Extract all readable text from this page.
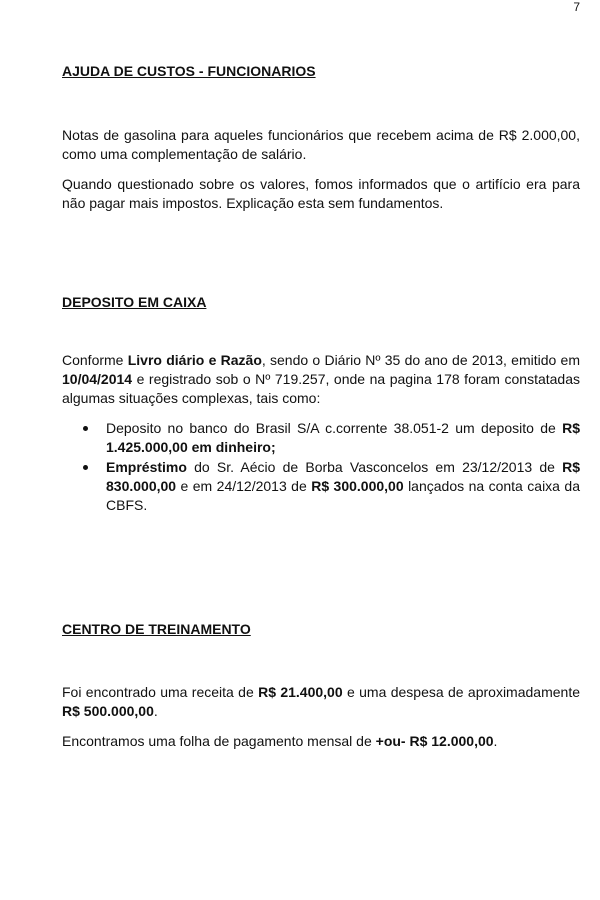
7

AJUDA DE CUSTOS - FUNCIONARIOS

Notas de gasolina para aqueles funcionários que recebem acima de R$ 2.000,00, como uma complementação de salário.

Quando questionado sobre os valores, fomos informados que o artifício era para não pagar mais impostos. Explicação esta sem fundamentos.

DEPOSITO EM CAIXA

Conforme Livro diário e Razão, sendo o Diário Nº 35 do ano de 2013, emitido em 10/04/2014 e registrado sob o Nº 719.257, onde na pagina 178 foram constatadas algumas situações complexas, tais como:

Deposito no banco do Brasil S/A c.corrente 38.051-2 um deposito de R$ 1.425.000,00 em dinheiro;
Empréstimo do Sr. Aécio de Borba Vasconcelos em 23/12/2013 de R$ 830.000,00 e em 24/12/2013 de R$ 300.000,00 lançados na conta caixa da CBFS.

CENTRO DE TREINAMENTO

Foi encontrado uma receita de R$ 21.400,00 e uma despesa de aproximadamente R$ 500.000,00.

Encontramos uma folha de pagamento mensal de +ou- R$ 12.000,00.
